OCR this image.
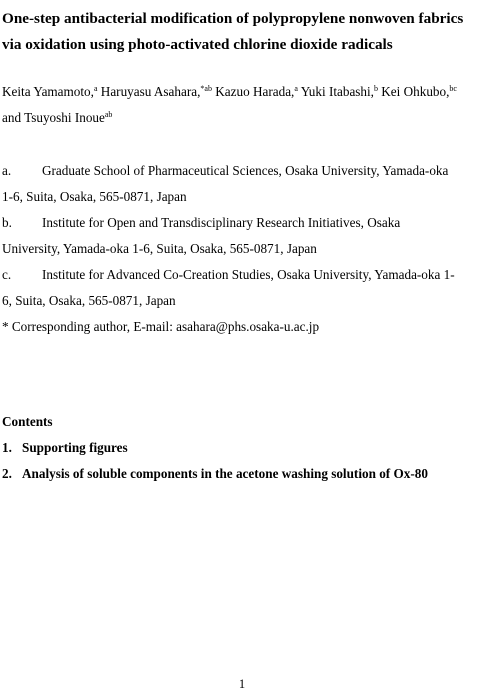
One-step antibacterial modification of polypropylene nonwoven fabrics
via oxidation using photo-activated chlorine dioxide radicals
Keita Yamamoto,$^a$ Haruyasu Asahara,$^{*ab}$ Kazuo Harada,$^a$ Yuki Itabashi,$^b$ Kei Ohkubo,$^{bc}$
and Tsuyoshi Inoue$^{ab}$
a. Graduate School of Pharmaceutical Sciences, Osaka University, Yamada-oka
1-6, Suita, Osaka, 565-0871, Japan
b. Institute for Open and Transdisciplinary Research Initiatives, Osaka
University, Yamada-oka 1-6, Suita, Osaka, 565-0871, Japan
c. Institute for Advanced Co-Creation Studies, Osaka University, Yamada-oka 1-
6, Suita, Osaka, 565-0871, Japan
* Corresponding author, E-mail: asahara@phs.osaka-u.ac.jp
Contents
1. Supporting figures
2. Analysis of soluble components in the acetone washing solution of Ox-80
1
